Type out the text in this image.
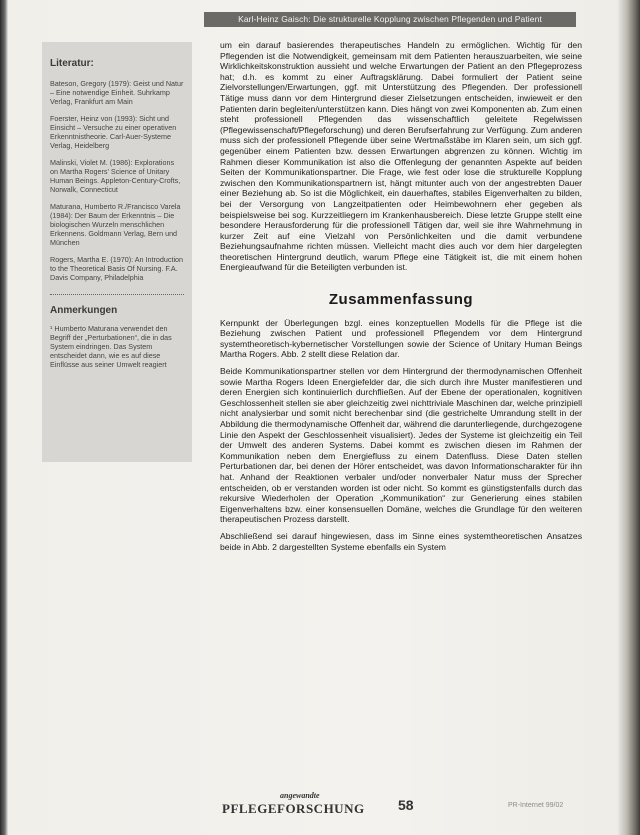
Karl-Heinz Gaisch: Die strukturelle Kopplung zwischen Pflegenden und Patient
Literatur:
Bateson, Gregory (1979): Geist und Natur – Eine notwendige Einheit. Suhrkamp Verlag, Frankfurt am Main
Foerster, Heinz von (1993): Sicht und Einsicht – Versuche zu einer operativen Erkenntnistheorie. Carl-Auer-Systeme Verlag, Heidelberg
Malinski, Violet M. (1986): Explorations on Martha Rogers' Science of Unitary Human Beings. Appleton-Century-Crofts, Norwalk, Connecticut
Maturana, Humberto R./Francisco Varela (1984): Der Baum der Erkenntnis – Die biologischen Wurzeln menschlichen Erkennens. Goldmann Verlag, Bern und München
Rogers, Martha E. (1970): An Introduction to the Theoretical Basis Of Nursing. F.A. Davis Company, Philadelphia
Anmerkungen
¹ Humberto Maturana verwendet den Begriff der „Perturbationen“, die in das System eindringen. Das System entscheidet dann, wie es auf diese Einflüsse aus seiner Umwelt reagiert

um ein darauf basierendes therapeutisches Handeln zu ermöglichen. Wichtig für den Pflegenden ist die Notwendigkeit, gemeinsam mit dem Patienten herauszuarbeiten, wie seine Wirklichkeitskonstruktion aussieht und welche Erwartungen der Patient an den Pflegeprozess hat; d.h. es kommt zu einer Auftragsklärung. Dabei formuliert der Patient seine Zielvorstellungen/Erwartungen, ggf. mit Unterstützung des Pflegenden. Der professionell Tätige muss dann vor dem Hintergrund dieser Zielsetzungen entscheiden, inwieweit er den Patienten darin begleiten/unterstützen kann. Dies hängt von zwei Komponenten ab. Zum einen steht professionell Pflegenden das wissenschaftlich geleitete Regelwissen (Pflegewissenschaft/Pflegeforschung) und deren Berufserfahrung zur Verfügung. Zum anderen muss sich der professionell Pflegende über seine Wertmaßstäbe im Klaren sein, um sich ggf. gegenüber einem Patienten bzw. dessen Erwartungen abgrenzen zu können. Wichtig im Rahmen dieser Kommunikation ist also die Offenlegung der genannten Aspekte auf beiden Seiten der Kommunikationspartner. Die Frage, wie fest oder lose die strukturelle Kopplung zwischen den Kommunikationspartnern ist, hängt mitunter auch von der angestrebten Dauer einer Beziehung ab. So ist die Möglichkeit, ein dauerhaftes, stabiles Eigenverhalten zu bilden, bei der Versorgung von Langzeitpatienten oder Heimbewohnern eher gegeben als beispielsweise bei sog. Kurzzeitliegern im Krankenhausbereich. Diese letzte Gruppe stellt eine besondere Herausforderung für die professionell Tätigen dar, weil sie ihre Wahrnehmung in kurzer Zeit auf eine Vielzahl von Persönlichkeiten und die damit verbundene Beziehungsaufnahme richten müssen. Vielleicht macht dies auch vor dem hier dargelegten theoretischen Hintergrund deutlich, warum Pflege eine Tätigkeit ist, die mit einem hohen Energieaufwand für die Beteiligten verbunden ist.

Zusammenfassung

Kernpunkt der Überlegungen bzgl. eines konzeptuellen Modells für die Pflege ist die Beziehung zwischen Patient und professionell Pflegendem vor dem Hintergrund systemtheoretisch-kybernetischer Vorstellungen sowie der Science of Unitary Human Beings Martha Rogers. Abb. 2 stellt diese Relation dar.

Beide Kommunikationspartner stellen vor dem Hintergrund der thermodynamischen Offenheit sowie Martha Rogers Ideen Energiefelder dar, die sich durch ihre Muster manifestieren und deren Energien sich kontinuierlich durchfließen. Auf der Ebene der operationalen, kognitiven Geschlossenheit stellen sie aber gleichzeitig zwei nichttriviale Maschinen dar, welche prinzipiell nicht analysierbar und somit nicht berechenbar sind (die gestrichelte Umrandung stellt in der Abbildung die thermodynamische Offenheit dar, während die darunterliegende, durchgezogene Linie den Aspekt der Geschlossenheit visualisiert). Jedes der Systeme ist gleichzeitig ein Teil der Umwelt des anderen Systems. Dabei kommt es zwischen diesen im Rahmen der Kommunikation neben dem Energiefluss zu einem Datenfluss. Diese Daten stellen Perturbationen dar, bei denen der Hörer entscheidet, was davon Informationscharakter für ihn hat. Anhand der Reaktionen verbaler und/oder nonverbaler Natur muss der Sprecher entscheiden, ob er verstanden worden ist oder nicht. So kommt es günstigstenfalls durch das rekursive Wiederholen der Operation „Kommunikation“ zur Generierung eines stabilen Eigenverhaltens bzw. einer konsensuellen Domäne, welches die Grundlage für den weiteren therapeutischen Prozess darstellt.

Abschließend sei darauf hingewiesen, dass im Sinne eines systemtheoretischen Ansatzes beide in Abb. 2 dargestellten Systeme ebenfalls ein System

angewandte
PFLEGEFORSCHUNG 58	PR-Internet 99/02
